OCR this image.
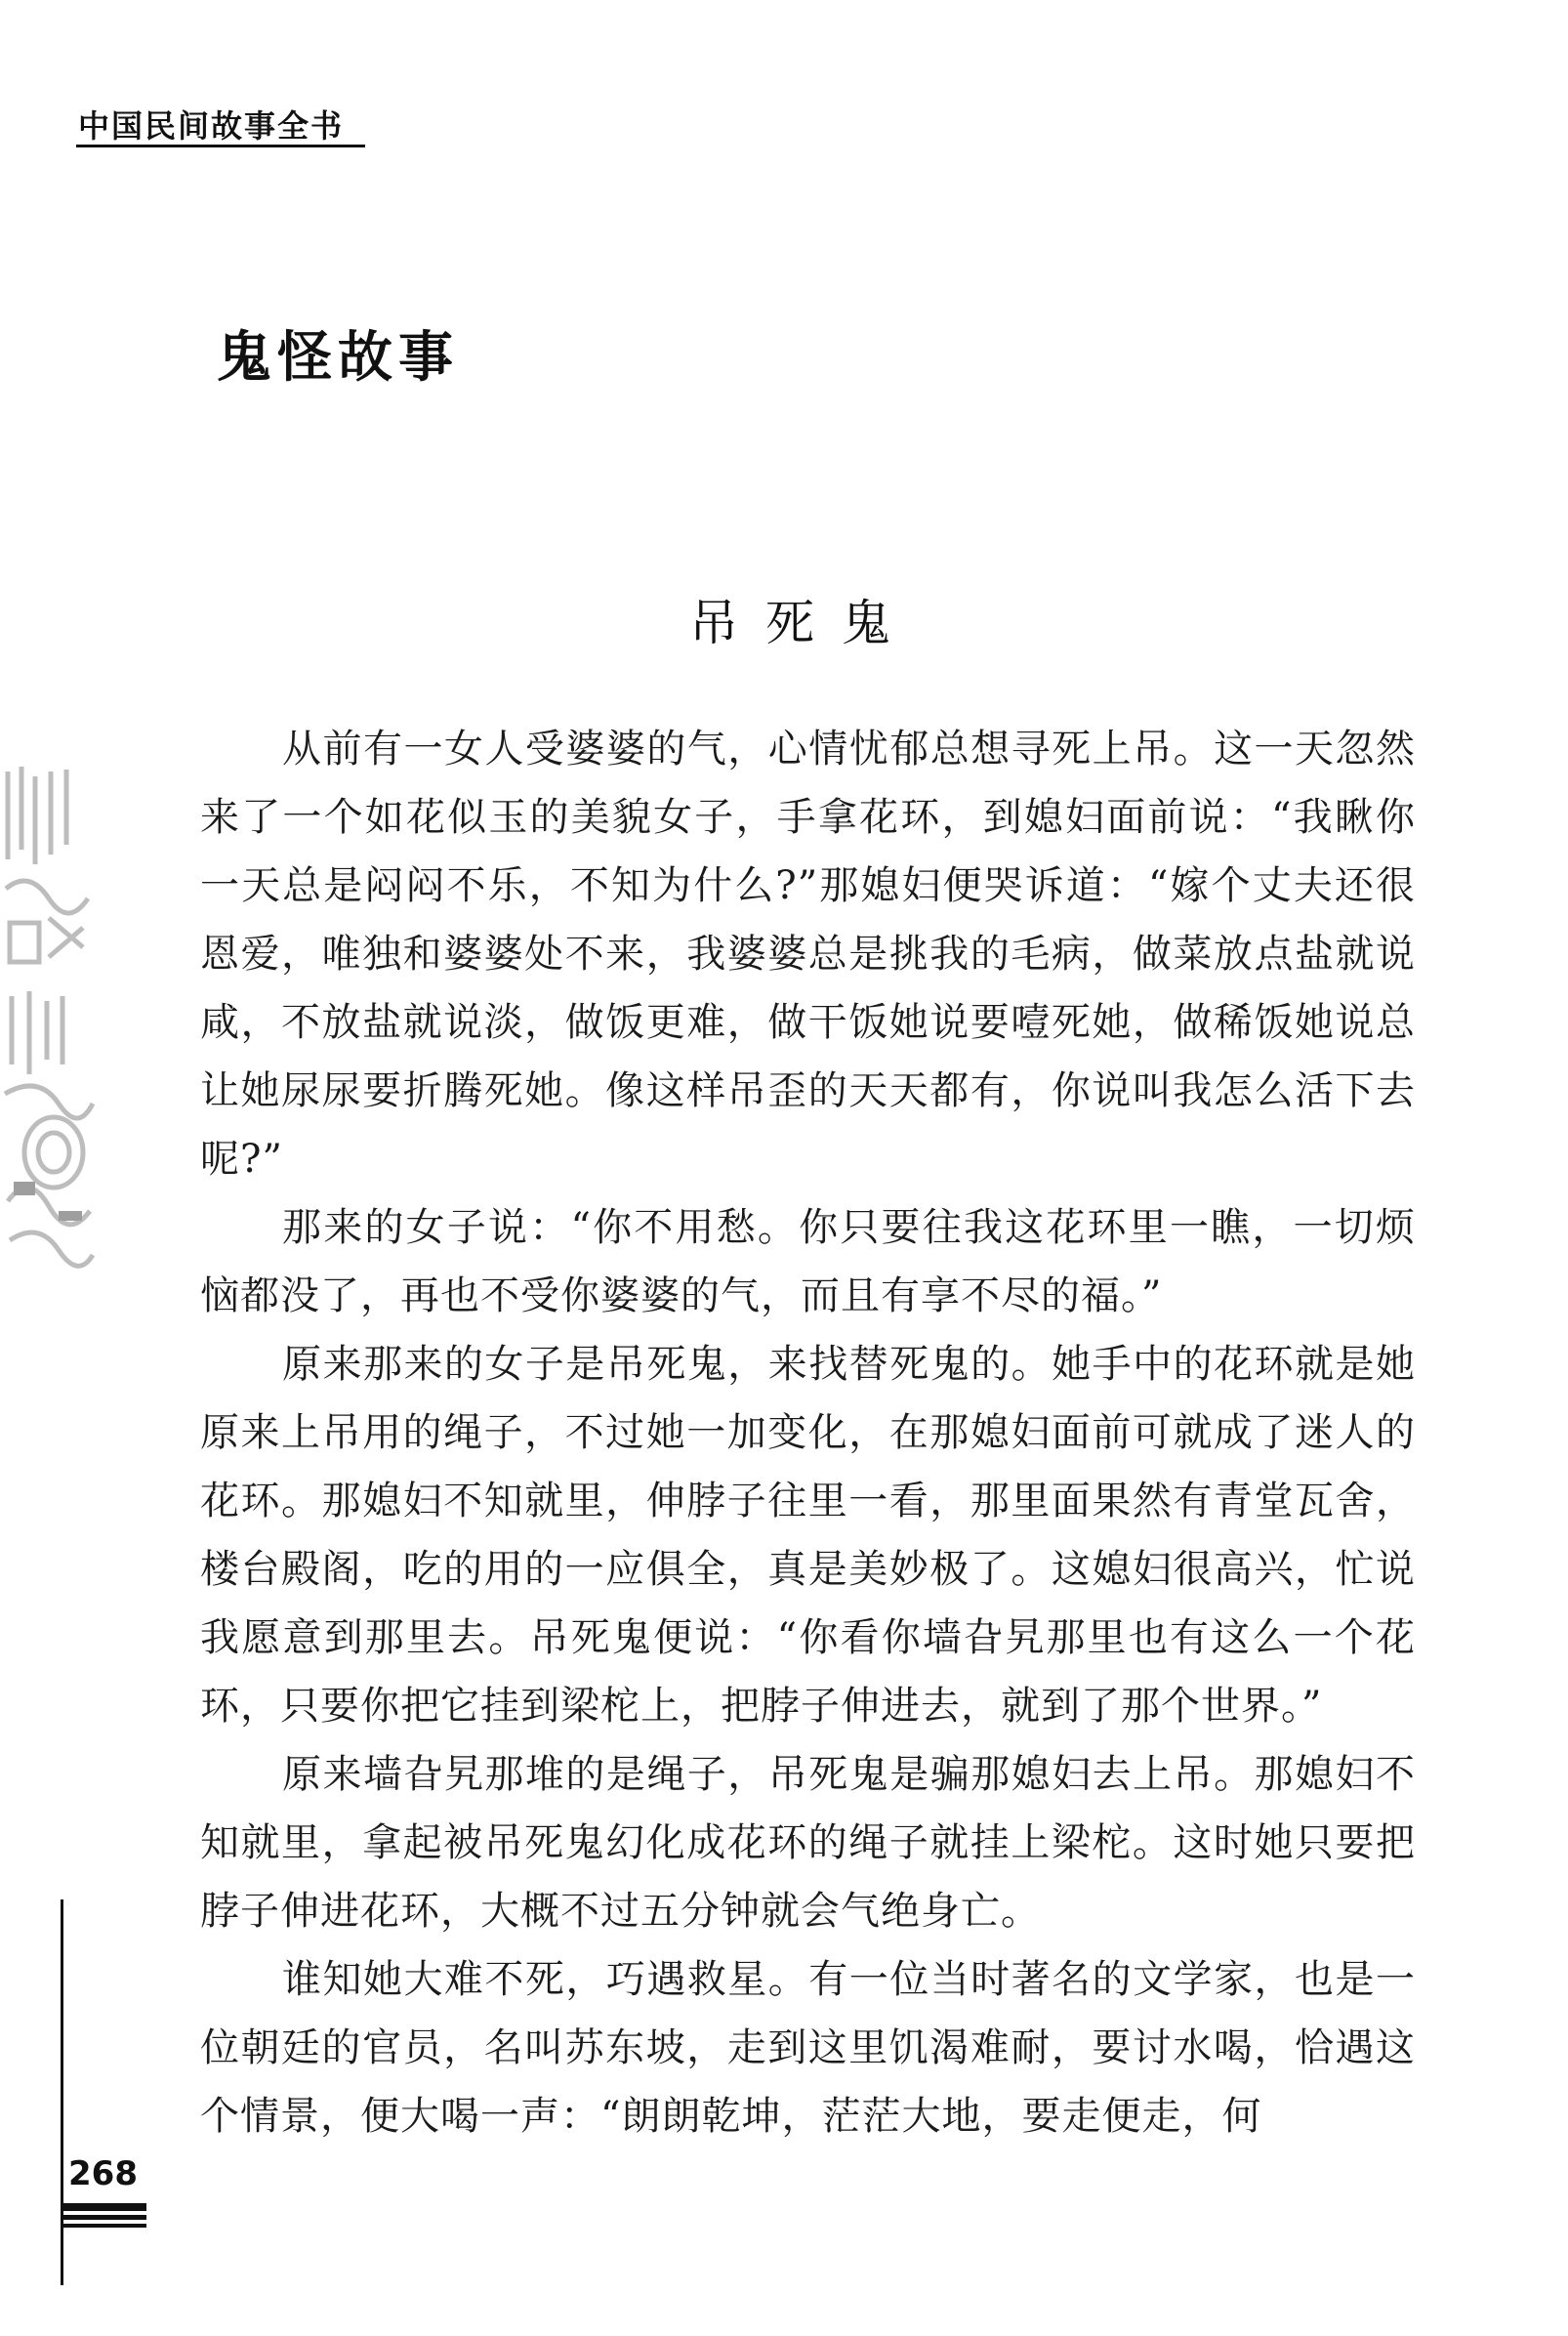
中国民间故事全书
鬼怪故事
吊死鬼

从前有一女人受婆婆的气，心情忧郁总想寻死上吊。这一天忽然来了一个如花似玉的美貌女子，手拿花环，到媳妇面前说：“我瞅你一天总是闷闷不乐，不知为什么?”那媳妇便哭诉道：“嫁个丈夫还很恩爱，唯独和婆婆处不来，我婆婆总是挑我的毛病，做菜放点盐就说咸，不放盐就说淡，做饭更难，做干饭她说要噎死她，做稀饭她说总让她尿尿要折腾死她。像这样吊歪的天天都有，你说叫我怎么活下去呢?”

那来的女子说：“你不用愁。你只要往我这花环里一瞧，一切烦恼都没了，再也不受你婆婆的气，而且有享不尽的福。”

原来那来的女子是吊死鬼，来找替死鬼的。她手中的花环就是她原来上吊用的绳子，不过她一加变化，在那媳妇面前可就成了迷人的花环。那媳妇不知就里，伸脖子往里一看，那里面果然有青堂瓦舍，楼台殿阁，吃的用的一应俱全，真是美妙极了。这媳妇很高兴，忙说我愿意到那里去。吊死鬼便说：“你看你墙旮旯那里也有这么一个花环，只要你把它挂到梁柁上，把脖子伸进去，就到了那个世界。”

原来墙旮旯那堆的是绳子，吊死鬼是骗那媳妇去上吊。那媳妇不知就里，拿起被吊死鬼幻化成花环的绳子就挂上梁柁。这时她只要把脖子伸进花环，大概不过五分钟就会气绝身亡。

谁知她大难不死，巧遇救星。有一位当时著名的文学家，也是一位朝廷的官员，名叫苏东坡，走到这里饥渴难耐，要讨水喝，恰遇这个情景，便大喝一声：“朗朗乾坤，茫茫大地，要走便走，何

268
